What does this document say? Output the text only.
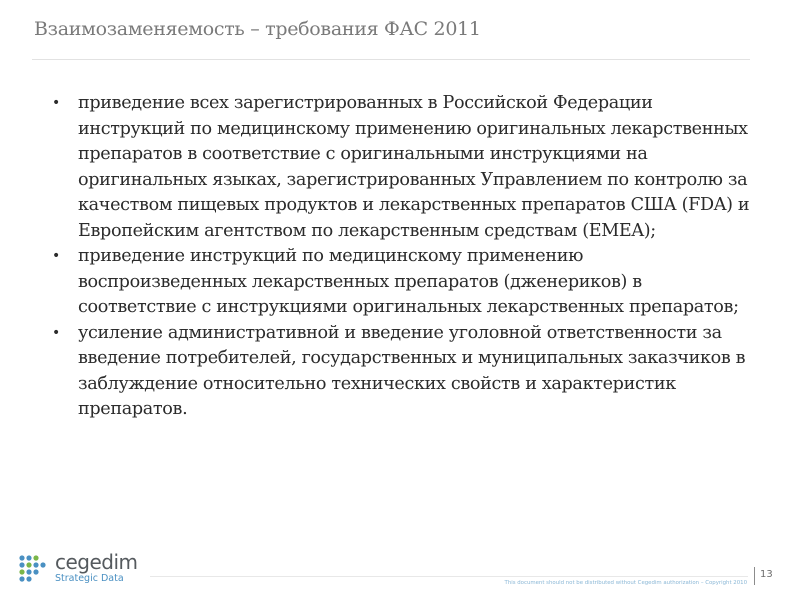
Взаимозаменяемость – требования ФАС 2011
• приведение всех зарегистрированных в Российской Федерации инструкций по медицинскому применению оригинальных лекарственных препаратов в соответствие с оригинальными инструкциями на оригинальных языках, зарегистрированных Управлением по контролю за качеством пищевых продуктов и лекарственных препаратов США (FDA) и Европейским агентством по лекарственным средствам (EMEA);
• приведение инструкций по медицинскому применению воспроизведенных лекарственных препаратов (дженериков) в соответствие с инструкциями оригинальных лекарственных препаратов;
• усиление административной и введение уголовной ответственности за введение потребителей, государственных и муниципальных заказчиков в заблуждение относительно технических свойств и характеристик препаратов.
cegedim
Strategic Data	This document should not be distributed without Cegedim authorization – Copyright 2010
13
